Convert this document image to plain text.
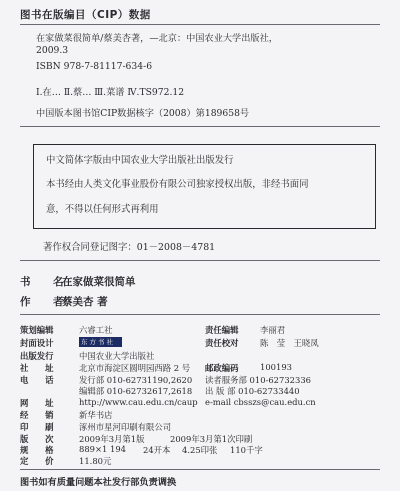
图书在版编目（CIP）数据
在家做菜很简单/蔡美杏著，—北京：中国农业大学出版社，
2009.3
ISBN 978-7-81117-634-6
Ⅰ.在… Ⅱ.蔡… Ⅲ.菜谱 Ⅳ.TS972.12
中国版本图书馆CIP数据核字（2008）第189658号
中文简体字版由中国农业大学出版社出版发行
本书经由人类文化事业股份有限公司独家授权出版，非经书面同
意，不得以任何形式再利用
著作权合同登记图字：01－2008－4781
书　名在家做菜很简单
作　者蔡美杏 著
策划编辑	六睿工社	责任编辑	李丽君
封面设计	东方书社	责任校对	陈　莹　王晓凤
出版发行	中国农业大学出版社
社　　址	北京市海淀区圆明园西路 2 号 邮政编码	100193
电　　话	发行部 010-62731190,2620 读者服务部 010-62732336
编辑部 010-62732617,2618 出 版 部 010-62733440
网　　址	http://www.cau.edu.cn/caup e-mail cbsszs@cau.edu.cn
经　　销	新华书店
印　　刷	涿州市星河印刷有限公司
版　　次	2009年3月第1版	2009年3月第1次印刷
规　　格	889×1 194 24开本 4.25印张 110千字
定　　价	11.80元
图书如有质量问题本社发行部负责调换
